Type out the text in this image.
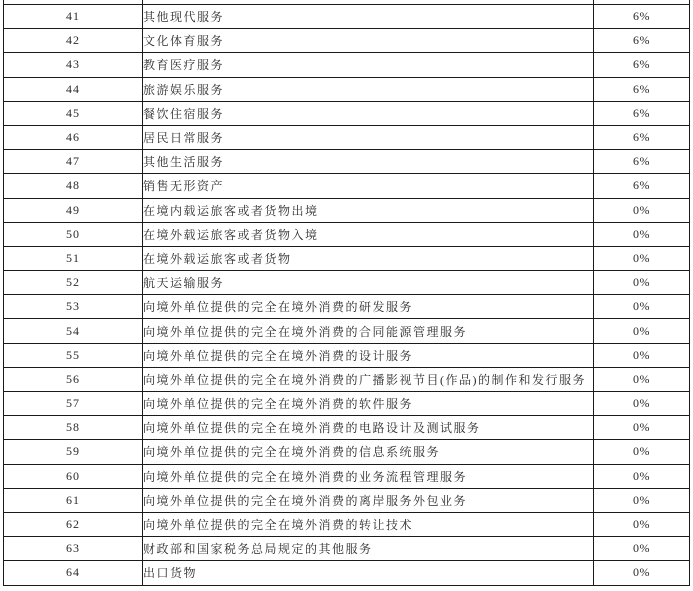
41	其他现代服务	6%
42	文化体育服务	6%
43	教育医疗服务	6%
44	旅游娱乐服务	6%
45	餐饮住宿服务	6%
46	居民日常服务	6%
47	其他生活服务	6%
48	销售无形资产	6%
49	在境内载运旅客或者货物出境	0%
50	在境外载运旅客或者货物入境	0%
51	在境外载运旅客或者货物	0%
52	航天运输服务	0%
53	向境外单位提供的完全在境外消费的研发服务	0%
54	向境外单位提供的完全在境外消费的合同能源管理服务	0%
55	向境外单位提供的完全在境外消费的设计服务	0%
56	向境外单位提供的完全在境外消费的广播影视节目(作品)的制作和发行服务	0%
57	向境外单位提供的完全在境外消费的软件服务	0%
58	向境外单位提供的完全在境外消费的电路设计及测试服务	0%
59	向境外单位提供的完全在境外消费的信息系统服务	0%
60	向境外单位提供的完全在境外消费的业务流程管理服务	0%
61	向境外单位提供的完全在境外消费的离岸服务外包业务	0%
62	向境外单位提供的完全在境外消费的转让技术	0%
63	财政部和国家税务总局规定的其他服务	0%
64	出口货物	0%
